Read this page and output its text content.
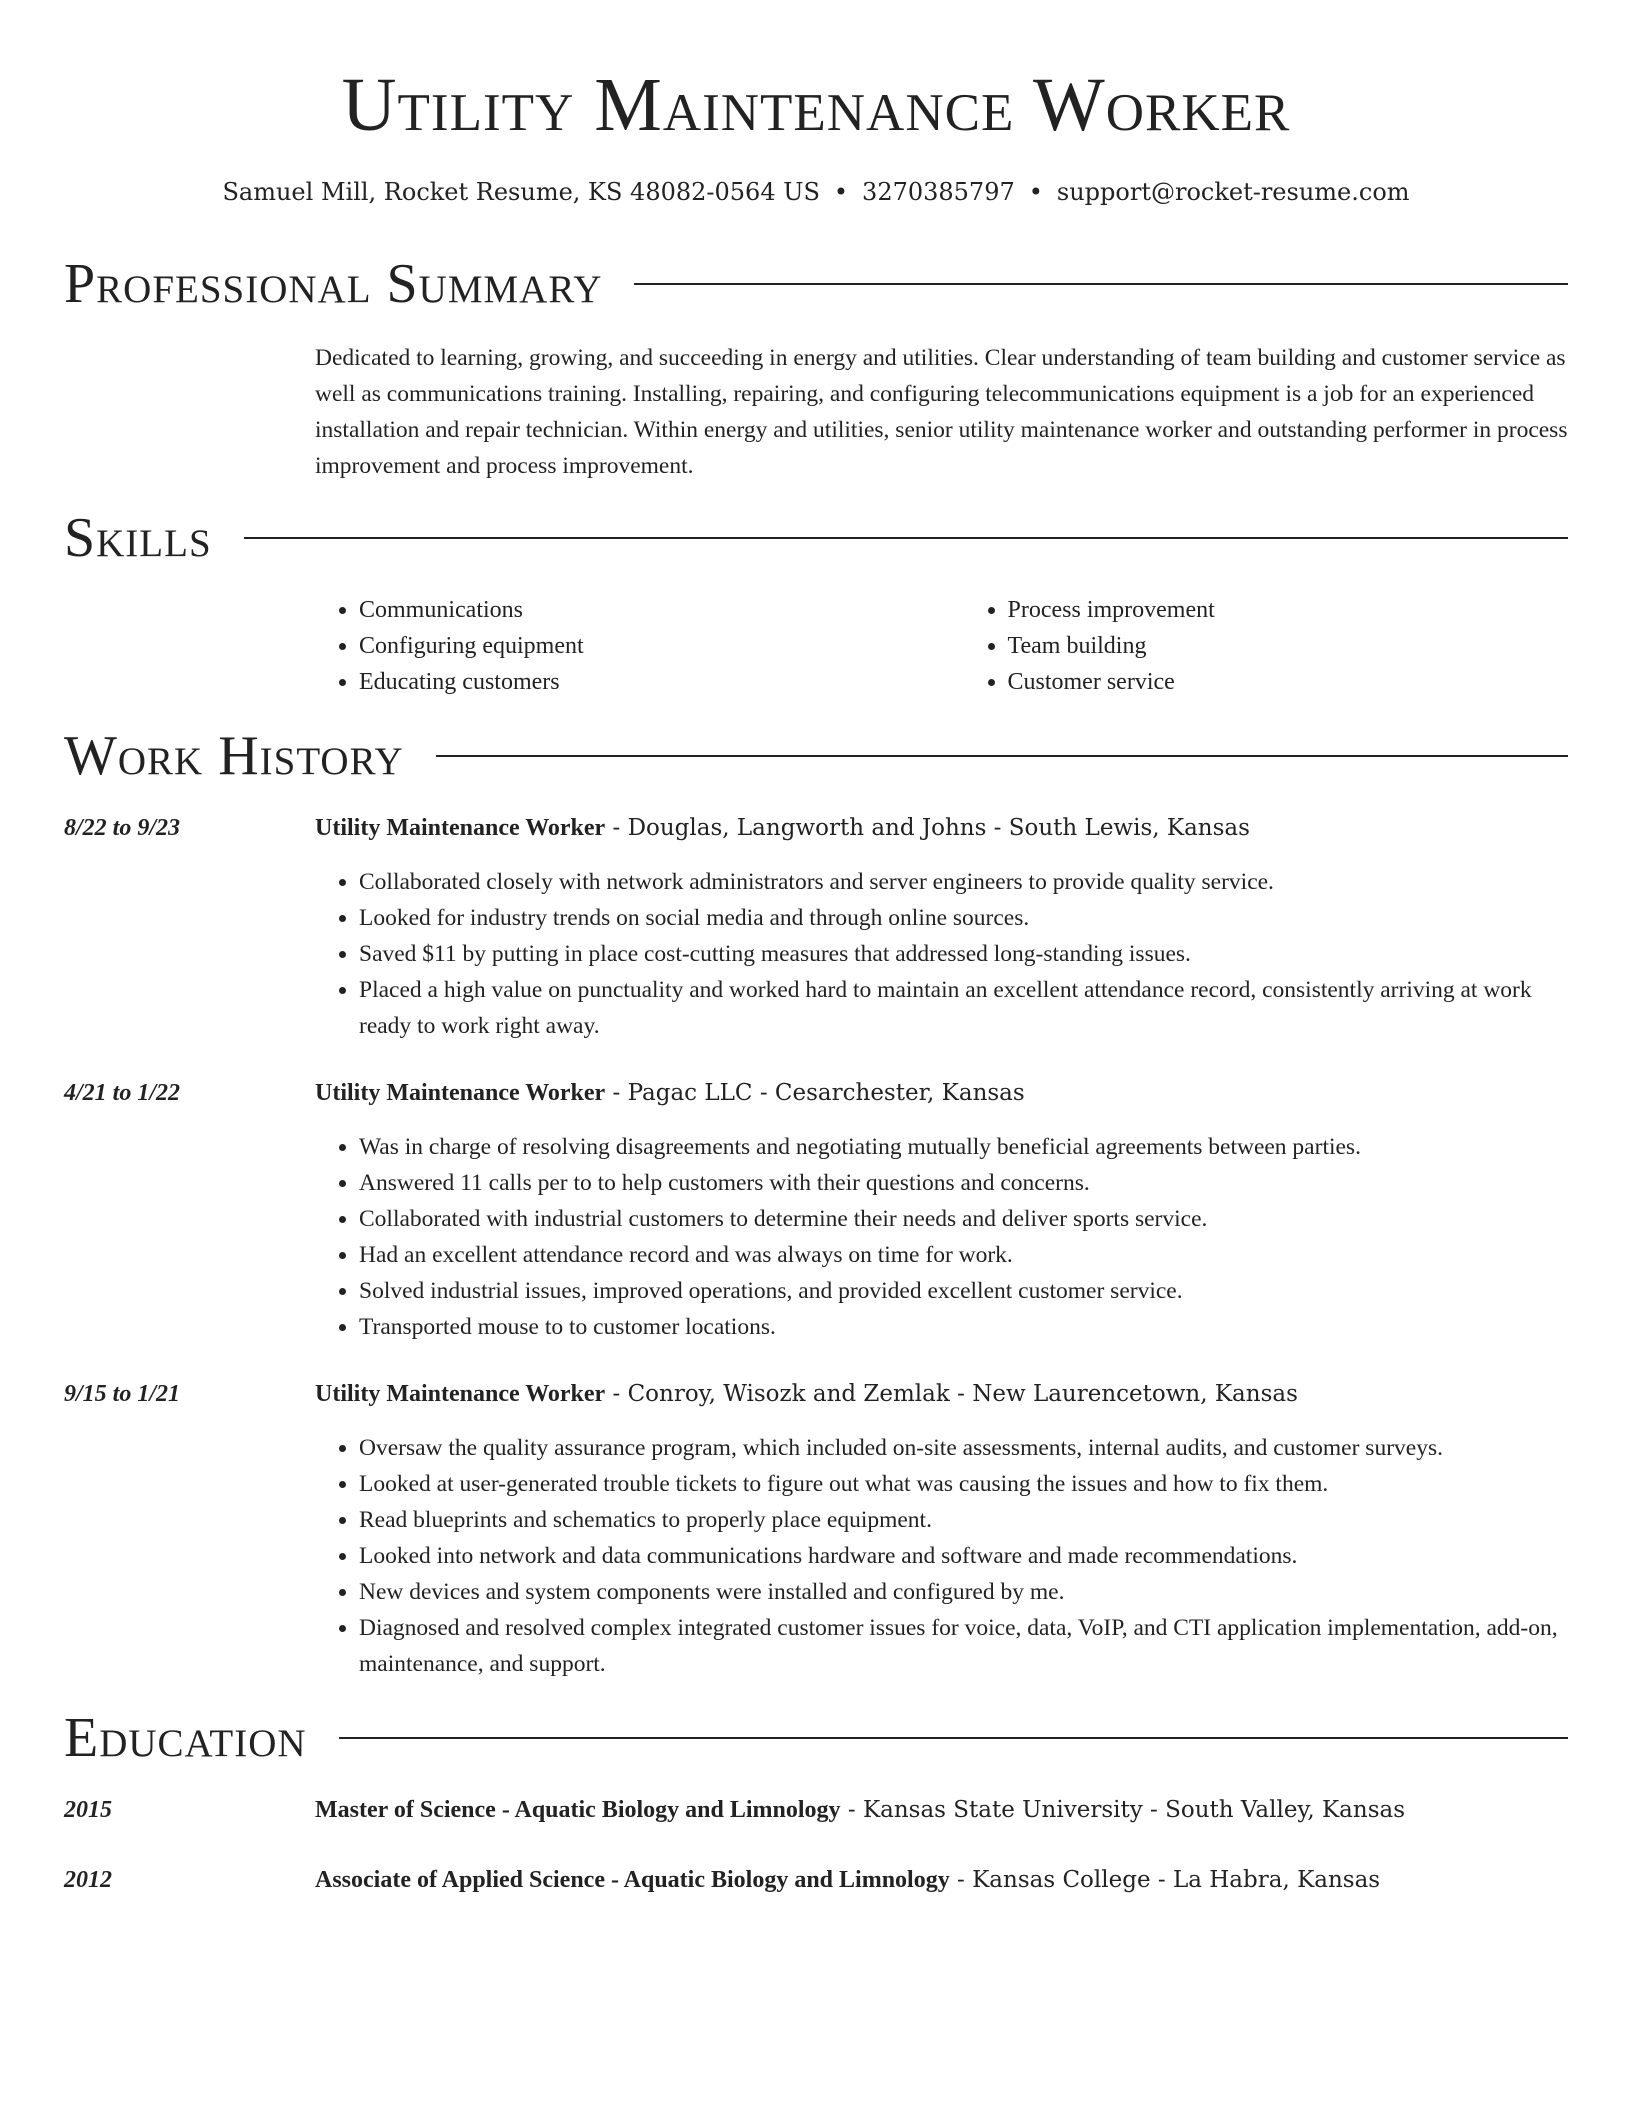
Utility Maintenance Worker
Samuel Mill, Rocket Resume, KS 48082-0564 US • 3270385797 • support@rocket-resume.com
Professional Summary

Dedicated to learning, growing, and succeeding in energy and utilities. Clear understanding of team building and customer service as well as communications training. Installing, repairing, and configuring telecommunications equipment is a job for an experienced installation and repair technician. Within energy and utilities, senior utility maintenance worker and outstanding performer in process improvement and process improvement.

Skills
• Communications
• Configuring equipment
• Educating customers
• Process improvement
• Team building
• Customer service
Work History
8/22 to 9/23	Utility Maintenance Worker - Douglas, Langworth and Johns - South Lewis, Kansas
• Collaborated closely with network administrators and server engineers to provide quality service.
• Looked for industry trends on social media and through online sources.
• Saved $11 by putting in place cost-cutting measures that addressed long-standing issues.
• Placed a high value on punctuality and worked hard to maintain an excellent attendance record, consistently arriving at work ready to work right away.
4/21 to 1/22	Utility Maintenance Worker - Pagac LLC - Cesarchester, Kansas
• Was in charge of resolving disagreements and negotiating mutually beneficial agreements between parties.
• Answered 11 calls per to to help customers with their questions and concerns.
• Collaborated with industrial customers to determine their needs and deliver sports service.
• Had an excellent attendance record and was always on time for work.
• Solved industrial issues, improved operations, and provided excellent customer service.
• Transported mouse to to customer locations.
9/15 to 1/21	Utility Maintenance Worker - Conroy, Wisozk and Zemlak - New Laurencetown, Kansas
• Oversaw the quality assurance program, which included on-site assessments, internal audits, and customer surveys.
• Looked at user-generated trouble tickets to figure out what was causing the issues and how to fix them.
• Read blueprints and schematics to properly place equipment.
• Looked into network and data communications hardware and software and made recommendations.
• New devices and system components were installed and configured by me.
• Diagnosed and resolved complex integrated customer issues for voice, data, VoIP, and CTI application implementation, add-on, maintenance, and support.
Education
2015	Master of Science - Aquatic Biology and Limnology - Kansas State University - South Valley, Kansas
2012	Associate of Applied Science - Aquatic Biology and Limnology - Kansas College - La Habra, Kansas
